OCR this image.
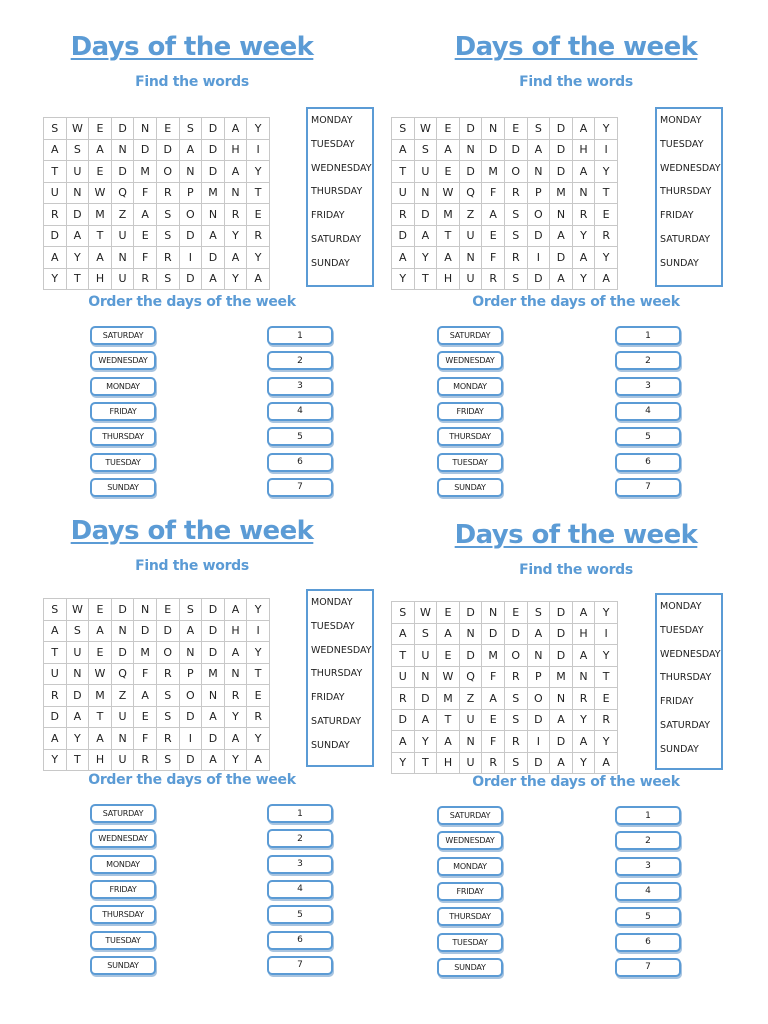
Days of the week
Find the words
S	W	E	D	N	E	S	D	A	Y
A	S	A	N	D	D	A	D	H	I
T	U	E	D	M	O	N	D	A	Y
U	N	W	Q	F	R	P	M	N	T
R	D	M	Z	A	S	O	N	R	E
D	A	T	U	E	S	D	A	Y	R
A	Y	A	N	F	R	I	D	A	Y
Y	T	H	U	R	S	D	A	Y	A
MONDAY
TUESDAY
WEDNESDAY
THURSDAY
FRIDAY
SATURDAY
SUNDAY
Order the days of the week
SATURDAY
WEDNESDAY
MONDAY
FRIDAY
THURSDAY
TUESDAY
SUNDAY
1
2
3
4
5
6
7
Days of the week
Find the words
S	W	E	D	N	E	S	D	A	Y
A	S	A	N	D	D	A	D	H	I
T	U	E	D	M	O	N	D	A	Y
U	N	W	Q	F	R	P	M	N	T
R	D	M	Z	A	S	O	N	R	E
D	A	T	U	E	S	D	A	Y	R
A	Y	A	N	F	R	I	D	A	Y
Y	T	H	U	R	S	D	A	Y	A
MONDAY
TUESDAY
WEDNESDAY
THURSDAY
FRIDAY
SATURDAY
SUNDAY
Order the days of the week
SATURDAY
WEDNESDAY
MONDAY
FRIDAY
THURSDAY
TUESDAY
SUNDAY
1
2
3
4
5
6
7
Days of the week
Find the words
S	W	E	D	N	E	S	D	A	Y
A	S	A	N	D	D	A	D	H	I
T	U	E	D	M	O	N	D	A	Y
U	N	W	Q	F	R	P	M	N	T
R	D	M	Z	A	S	O	N	R	E
D	A	T	U	E	S	D	A	Y	R
A	Y	A	N	F	R	I	D	A	Y
Y	T	H	U	R	S	D	A	Y	A
MONDAY
TUESDAY
WEDNESDAY
THURSDAY
FRIDAY
SATURDAY
SUNDAY
Order the days of the week
SATURDAY
WEDNESDAY
MONDAY
FRIDAY
THURSDAY
TUESDAY
SUNDAY
1
2
3
4
5
6
7
Days of the week
Find the words
S	W	E	D	N	E	S	D	A	Y
A	S	A	N	D	D	A	D	H	I
T	U	E	D	M	O	N	D	A	Y
U	N	W	Q	F	R	P	M	N	T
R	D	M	Z	A	S	O	N	R	E
D	A	T	U	E	S	D	A	Y	R
A	Y	A	N	F	R	I	D	A	Y
Y	T	H	U	R	S	D	A	Y	A
MONDAY
TUESDAY
WEDNESDAY
THURSDAY
FRIDAY
SATURDAY
SUNDAY
Order the days of the week
SATURDAY
WEDNESDAY
MONDAY
FRIDAY
THURSDAY
TUESDAY
SUNDAY
1
2
3
4
5
6
7
